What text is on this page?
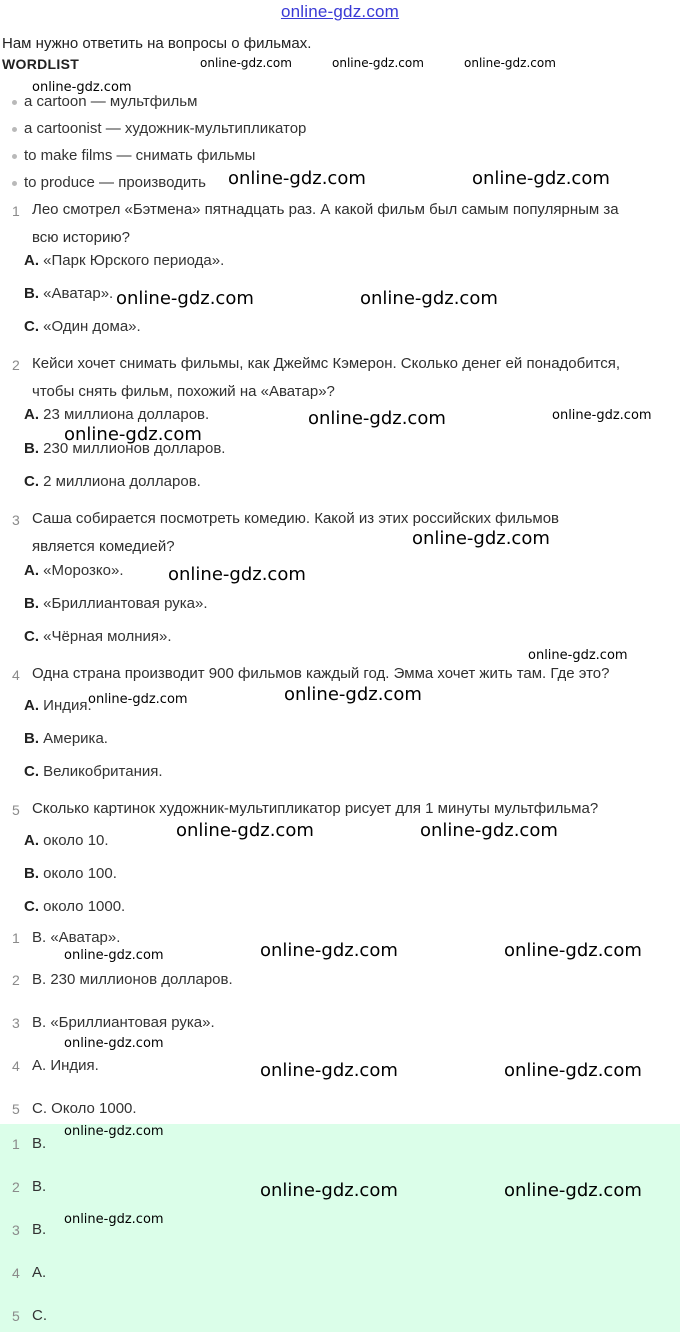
online-gdz.com
Нам нужно ответить на вопросы о фильмах.
WORDLIST
a cartoon — мультфильм
a cartoonist — художник-мультипликатор
to make films — снимать фильмы
to produce — производить
1 Лео смотрел «Бэтмена» пятнадцать раз. А какой фильм был самым популярным за
всю историю?
A. «Парк Юрского периода».
B. «Аватар».
C. «Один дома».
2 Кейси хочет снимать фильмы, как Джеймс Кэмерон. Сколько денег ей понадобится,
чтобы снять фильм, похожий на «Аватар»?
A. 23 миллиона долларов.
B. 230 миллионов долларов.
C. 2 миллиона долларов.
3 Саша собирается посмотреть комедию. Какой из этих российских фильмов
является комедией?
A. «Морозко».
B. «Бриллиантовая рука».
C. «Чёрная молния».
4 Одна страна производит 900 фильмов каждый год. Эмма хочет жить там. Где это?
A. Индия.
B. Америка.
C. Великобритания.
5 Сколько картинок художник-мультипликатор рисует для 1 минуты мультфильма?
A. около 10.
B. около 100.
C. около 1000.
1 B. «Аватар».
2 B. 230 миллионов долларов.
3 B. «Бриллиантовая рука».
4 A. Индия.
5 C. Около 1000.
1 B.
2 B.
3 B.
4 A.
5 C.
online-gdz.com	online-gdz.com	online-gdz.com
online-gdz.com
online-gdz.com	online-gdz.com
online-gdz.com	online-gdz.com
online-gdz.com	online-gdz.com
online-gdz.com
online-gdz.com
online-gdz.com
online-gdz.com
online-gdz.com
online-gdz.com
online-gdz.com	online-gdz.com
online-gdz.com	online-gdz.com
online-gdz.com
online-gdz.com
online-gdz.com	online-gdz.com
online-gdz.com
online-gdz.com	online-gdz.com
online-gdz.com
